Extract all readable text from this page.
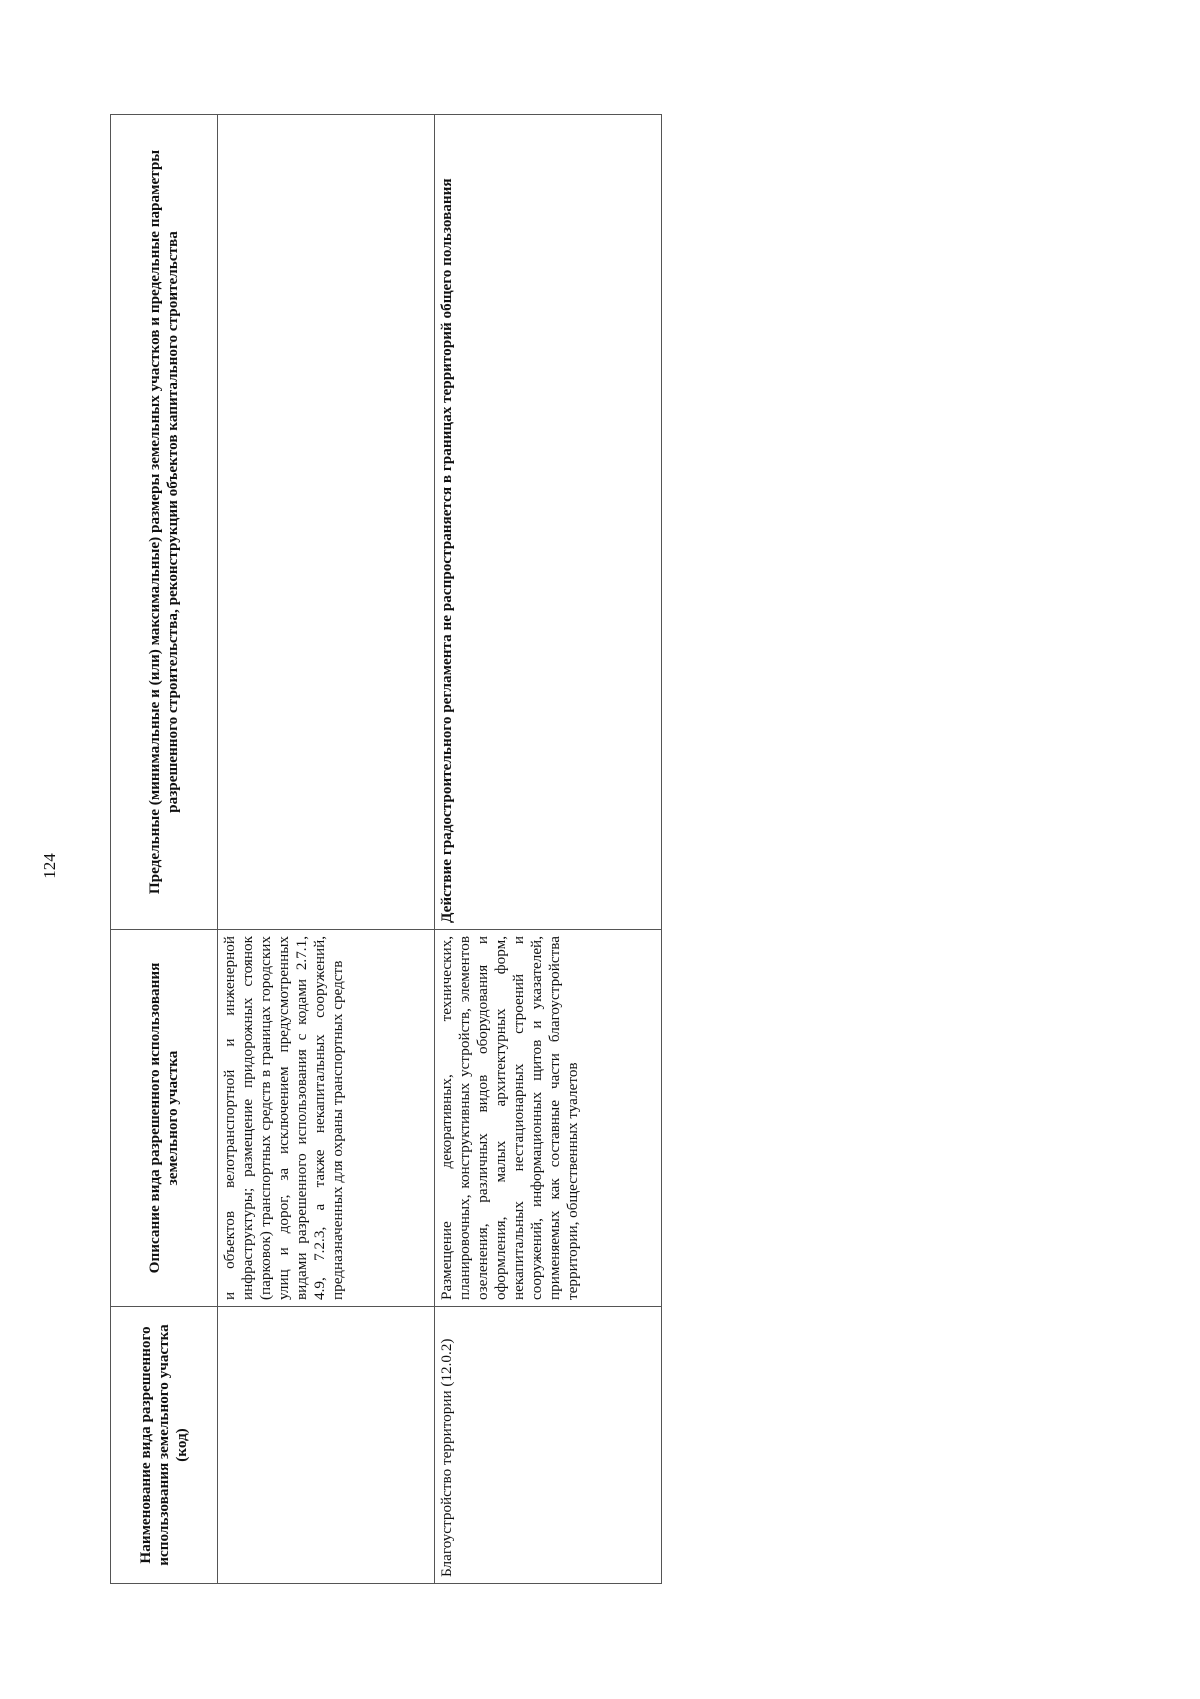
124
Наименование вида разрешенного использования земельного участка (код)	Описание вида разрешенного использования земельного участка	Предельные (минимальные и (или) максимальные) размеры земельных участков и предельные параметры разрешенного строительства, реконструкции объектов капитального строительства
	и объектов велотранспортной и инженерной инфраструктуры; размещение придорожных стоянок (парковок) транспортных средств в границах городских улиц и дорог, за исключением предусмотренных видами разрешенного использования с кодами 2.7.1, 4.9, 7.2.3, а также некапитальных сооружений, предназначенных для охраны транспортных средств	
Благоустройство территории (12.0.2)	Размещение декоративных, технических, планировочных, конструктивных устройств, элементов озеленения, различных видов оборудования и оформления, малых архитектурных форм, некапитальных нестационарных строений и сооружений, информационных щитов и указателей, применяемых как составные части благоустройства территории, общественных туалетов	Действие градостроительного регламента не распространяется в границах территорий общего пользования
